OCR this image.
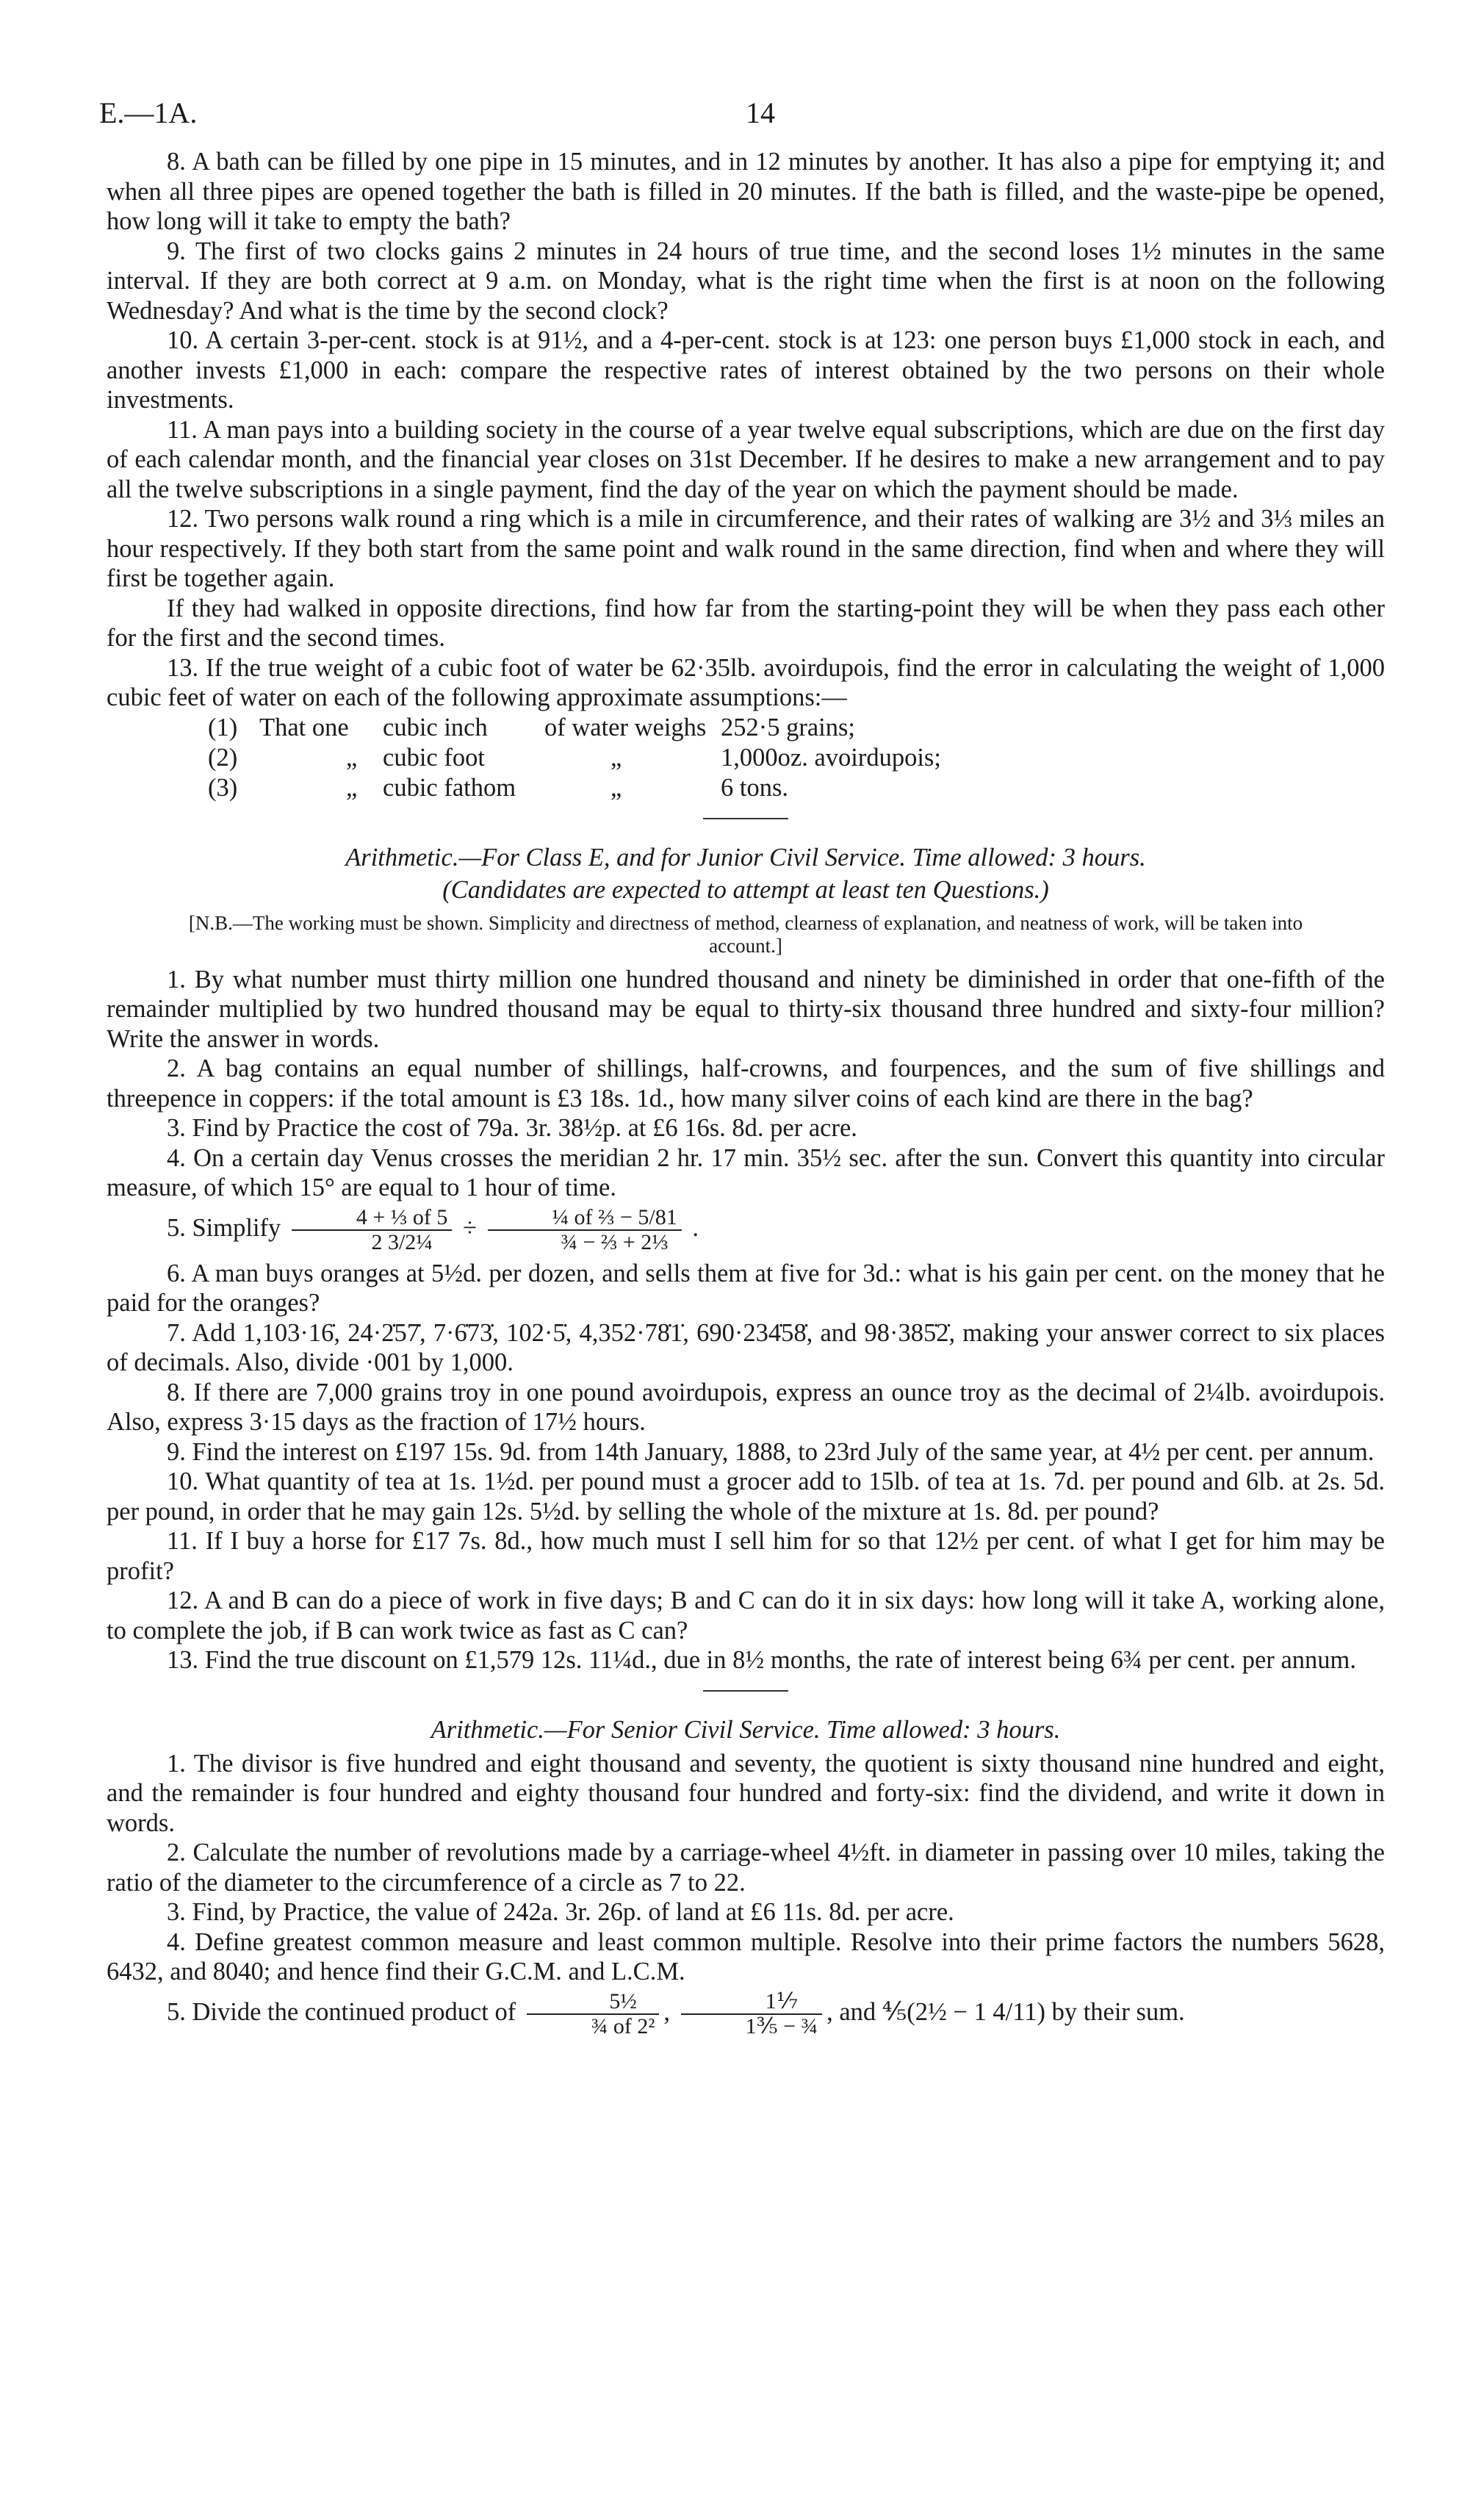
E.—1A.	14

8. A bath can be filled by one pipe in 15 minutes, and in 12 minutes by another. It has also a pipe for emptying it; and when all three pipes are opened together the bath is filled in 20 minutes. If the bath is filled, and the waste-pipe be opened, how long will it take to empty the bath?

9. The first of two clocks gains 2 minutes in 24 hours of true time, and the second loses 1½ minutes in the same interval. If they are both correct at 9 a.m. on Monday, what is the right time when the first is at noon on the following Wednesday? And what is the time by the second clock?

10. A certain 3-per-cent. stock is at 91½, and a 4-per-cent. stock is at 123: one person buys £1,000 stock in each, and another invests £1,000 in each: compare the respective rates of interest obtained by the two persons on their whole investments.

11. A man pays into a building society in the course of a year twelve equal subscriptions, which are due on the first day of each calendar month, and the financial year closes on 31st December. If he desires to make a new arrangement and to pay all the twelve subscriptions in a single payment, find the day of the year on which the payment should be made.

12. Two persons walk round a ring which is a mile in circumference, and their rates of walking are 3½ and 3⅓ miles an hour respectively. If they both start from the same point and walk round in the same direction, find when and where they will first be together again.

If they had walked in opposite directions, find how far from the starting-point they will be when they pass each other for the first and the second times.

13. If the true weight of a cubic foot of water be 62·35lb. avoirdupois, find the error in calculating the weight of 1,000 cubic feet of water on each of the following approximate assumptions:—

(1) That one	cubic inch	of water weighs 252·5 grains;
(2)	„	cubic foot	„	1,000oz. avoirdupois;
(3)	„	cubic fathom	„	6 tons.
Arithmetic.—For Class E, and for Junior Civil Service. Time allowed: 3 hours.
(Candidates are expected to attempt at least ten Questions.)
[N.B.—The working must be shown. Simplicity and directness of method, clearness of explanation, and neatness of work, will be taken into account.]

1. By what number must thirty million one hundred thousand and ninety be diminished in order that one-fifth of the remainder multiplied by two hundred thousand may be equal to thirty-six thousand three hundred and sixty-four million? Write the answer in words.

2. A bag contains an equal number of shillings, half-crowns, and fourpences, and the sum of five shillings and threepence in coppers: if the total amount is £3 18s. 1d., how many silver coins of each kind are there in the bag?

3. Find by Practice the cost of 79a. 3r. 38½p. at £6 16s. 8d. per acre.

4. On a certain day Venus crosses the meridian 2 hr. 17 min. 35½ sec. after the sun. Convert this quantity into circular measure, of which 15° are equal to 1 hour of time.

5. Simplify $\frac{\text{4 + ⅓ of 5}}{\text{2 3/2¼}} \div \frac{\text{¼ of ⅔ − 5/81}}{\text{¾ − ⅔ + 2⅓}}$ .

6. A man buys oranges at 5½d. per dozen, and sells them at five for 3d.: what is his gain per cent. on the money that he paid for the oranges?

7. Add 1,103·16̇, 24·2̇57̇, 7·6̇73̇, 102·5̇, 4,352·78̇1̇, 690·234̇58̇, and 98·385̇2̇, making your answer correct to six places of decimals. Also, divide ·001 by 1,000.

8. If there are 7,000 grains troy in one pound avoirdupois, express an ounce troy as the decimal of 2¼lb. avoirdupois. Also, express 3·15 days as the fraction of 17½ hours.

9. Find the interest on £197 15s. 9d. from 14th January, 1888, to 23rd July of the same year, at 4½ per cent. per annum.

10. What quantity of tea at 1s. 1½d. per pound must a grocer add to 15lb. of tea at 1s. 7d. per pound and 6lb. at 2s. 5d. per pound, in order that he may gain 12s. 5½d. by selling the whole of the mixture at 1s. 8d. per pound?

11. If I buy a horse for £17 7s. 8d., how much must I sell him for so that 12½ per cent. of what I get for him may be profit?

12. A and B can do a piece of work in five days; B and C can do it in six days: how long will it take A, working alone, to complete the job, if B can work twice as fast as C can?

13. Find the true discount on £1,579 12s. 11¼d., due in 8½ months, the rate of interest being 6¾ per cent. per annum.

Arithmetic.—For Senior Civil Service. Time allowed: 3 hours.

1. The divisor is five hundred and eight thousand and seventy, the quotient is sixty thousand nine hundred and eight, and the remainder is four hundred and eighty thousand four hundred and forty-six: find the dividend, and write it down in words.

2. Calculate the number of revolutions made by a carriage-wheel 4½ft. in diameter in passing over 10 miles, taking the ratio of the diameter to the circumference of a circle as 7 to 22.

3. Find, by Practice, the value of 242a. 3r. 26p. of land at £6 11s. 8d. per acre.

4. Define greatest common measure and least common multiple. Resolve into their prime factors the numbers 5628, 6432, and 8040; and hence find their G.C.M. and L.C.M.

5. Divide the continued product of $\frac{\text{5½}}{\text{¾ of 2²}}$ , $\frac{\text{1⅐}}{\text{1⅗ − ¾}}$ , and ⅘(2½ − 1 4/11) by their sum.
